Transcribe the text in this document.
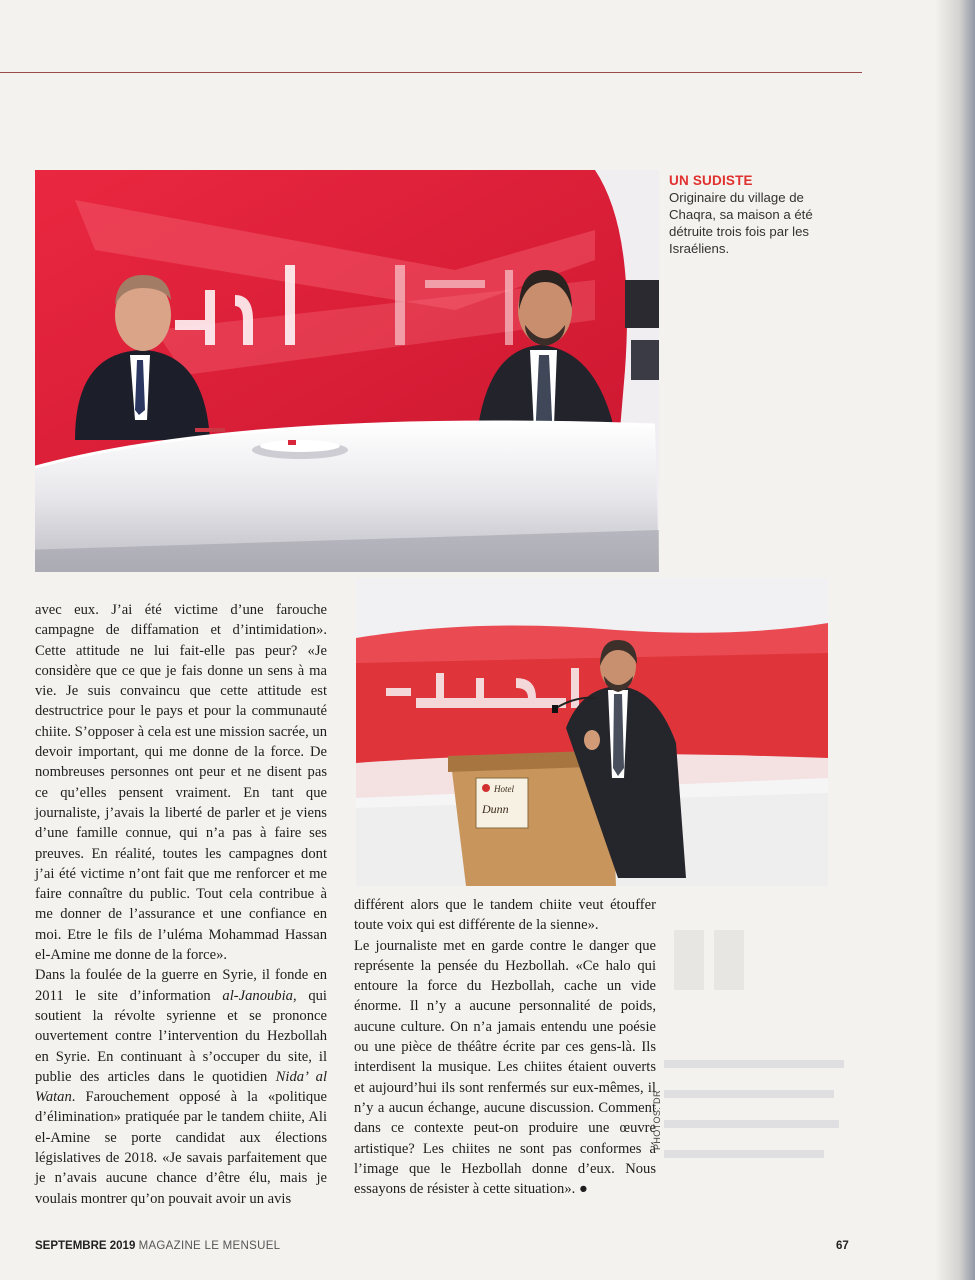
UN SUDISTE
Originaire du village de Chaqra, sa maison a été détruite trois fois par les Israéliens.
Hotel
Dunn

avec eux. J’ai été victime d’une farouche campagne de diffamation et d’intimidation». Cette attitude ne lui fait-elle pas peur? «Je considère que ce que je fais donne un sens à ma vie. Je suis convaincu que cette attitude est destructrice pour le pays et pour la communauté chiite. S’opposer à cela est une mission sacrée, un devoir important, qui me donne de la force. De nombreuses personnes ont peur et ne disent pas ce qu’elles pensent vraiment. En tant que journaliste, j’avais la liberté de parler et je viens d’une famille connue, qui n’a pas à faire ses preuves. En réalité, toutes les campagnes dont j’ai été victime n’ont fait que me renforcer et me faire connaître du public. Tout cela contribue à me donner de l’assurance et une confiance en moi. Etre le fils de l’uléma Mohammad Hassan el-Amine me donne de la force».

Dans la foulée de la guerre en Syrie, il fonde en 2011 le site d’information al-Janoubia, qui soutient la révolte syrienne et se prononce ouvertement contre l’intervention du Hezbollah en Syrie. En continuant à s’occuper du site, il publie des articles dans le quotidien Nida’ al Watan. Farouchement opposé à la «politique d’élimination» pratiquée par le tandem chiite, Ali el-Amine se porte candidat aux élections législatives de 2018. «Je savais parfaitement que je n’avais aucune chance d’être élu, mais je voulais montrer qu’on pouvait avoir un avis

différent alors que le tandem chiite veut étouffer toute voix qui est différente de la sienne».

Le journaliste met en garde contre le danger que représente la pensée du Hezbollah. «Ce halo qui entoure la force du Hezbollah, cache un vide énorme. Il n’y a aucune personnalité de poids, aucune culture. On n’a jamais entendu une poésie ou une pièce de théâtre écrite par ces gens-là. Ils interdisent la musique. Les chiites étaient ouverts et aujourd’hui ils sont renfermés sur eux-mêmes, il n’y a aucun échange, aucune discussion. Comment dans ce contexte peut-on produire une œuvre artistique? Les chiites ne sont pas conformes à l’image que le Hezbollah donne d’eux. Nous essayons de résister à cette situation». ●

PHOTOS: DR
SEPTEMBRE 2019 MAGAZINE LE MENSUEL	67
